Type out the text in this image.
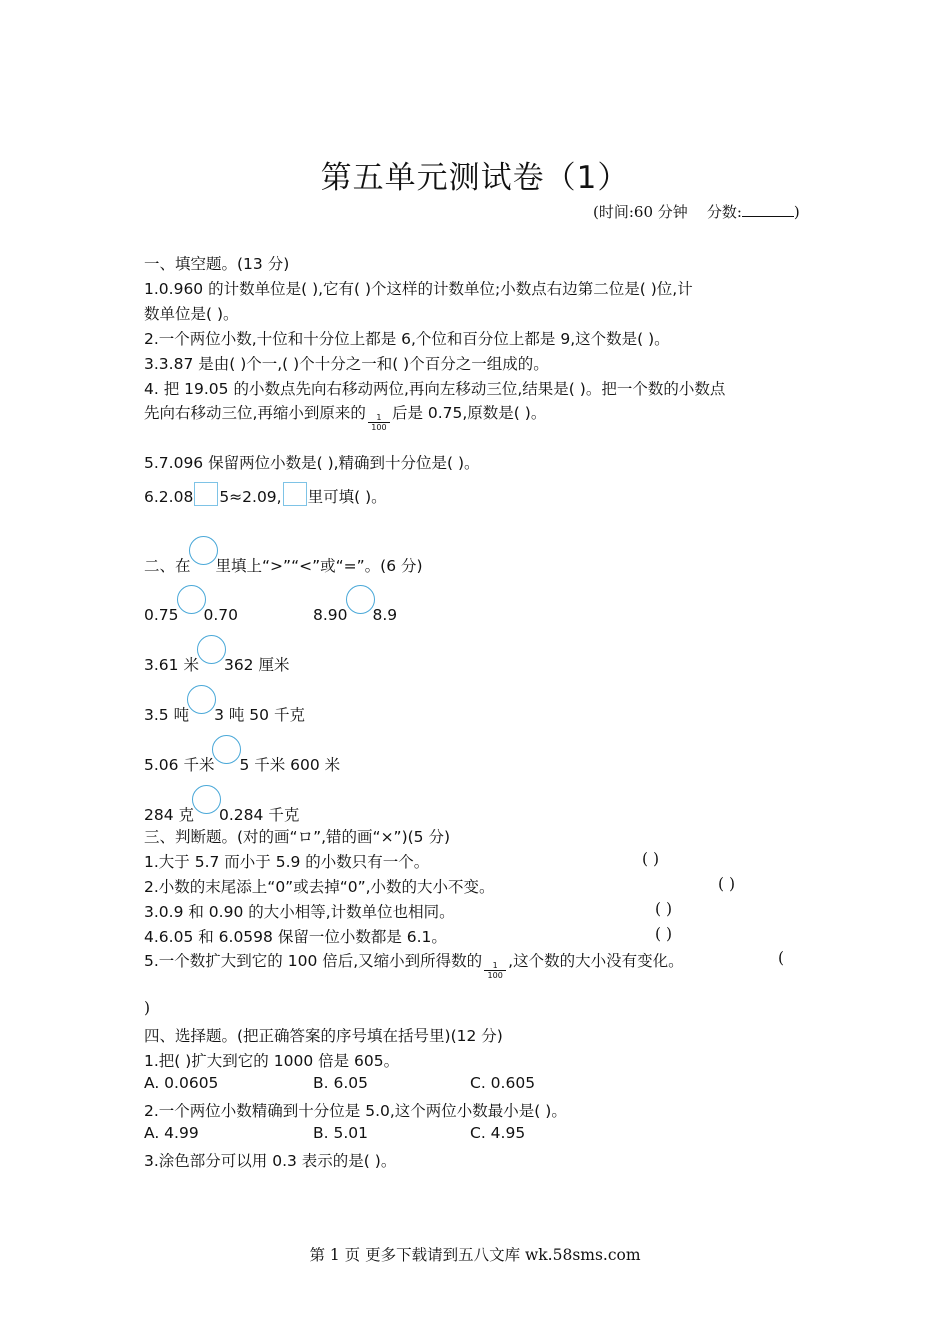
第五单元测试卷（1）
(时间:60 分钟 分数:	)
一、填空题。(13 分)
1.0.960 的计数单位是( ),它有( )个这样的计数单位;小数点右边第二位是( )位,计
数单位是( )。
2.一个两位小数,十位和十分位上都是 6,个位和百分位上都是 9,这个数是( )。
3.3.87 是由( )个一,( )个十分之一和( )个百分之一组成的。
4. 把 19.05 的小数点先向右移动两位,再向左移动三位,结果是( )。把一个数的小数点
先向右移动三位,再缩小到原来的 $\frac{1}{100}$ 后是 0.75,原数是( )。
5.7.096 保留两位小数是( ),精确到十分位是( )。
6.2.08 5≈2.09, 里可填( )。
二、在 里填上“>”“<”或“=”。(6 分)
0.75 0.70	8.90 8.9
3.61 米 362 厘米
3.5 吨 3 吨 50 千克
5.06 千米 5 千米 600 米
284 克 0.284 千克
三、判断题。(对的画“ロ”,错的画“×”)(5 分)
1.大于 5.7 而小于 5.9 的小数只有一个。	( )
2.小数的末尾添上“0”或去掉“0”,小数的大小不变。	( )
3.0.9 和 0.90 的大小相等,计数单位也相同。	( )
4.6.05 和 6.0598 保留一位小数都是 6.1。	( )
5.一个数扩大到它的 100 倍后,又缩小到所得数的 $\frac{1}{100}$ ,这个数的大小没有变化。	(
)
四、选择题。(把正确答案的序号填在括号里)(12 分)
1.把( )扩大到它的 1000 倍是 605。
A. 0.0605	B. 6.05	C. 0.605
2.一个两位小数精确到十分位是 5.0,这个两位小数最小是( )。
A. 4.99	B. 5.01	C. 4.95
3.涂色部分可以用 0.3 表示的是( )。
第 1 页 更多下载请到五八文库 wk.58sms.com
